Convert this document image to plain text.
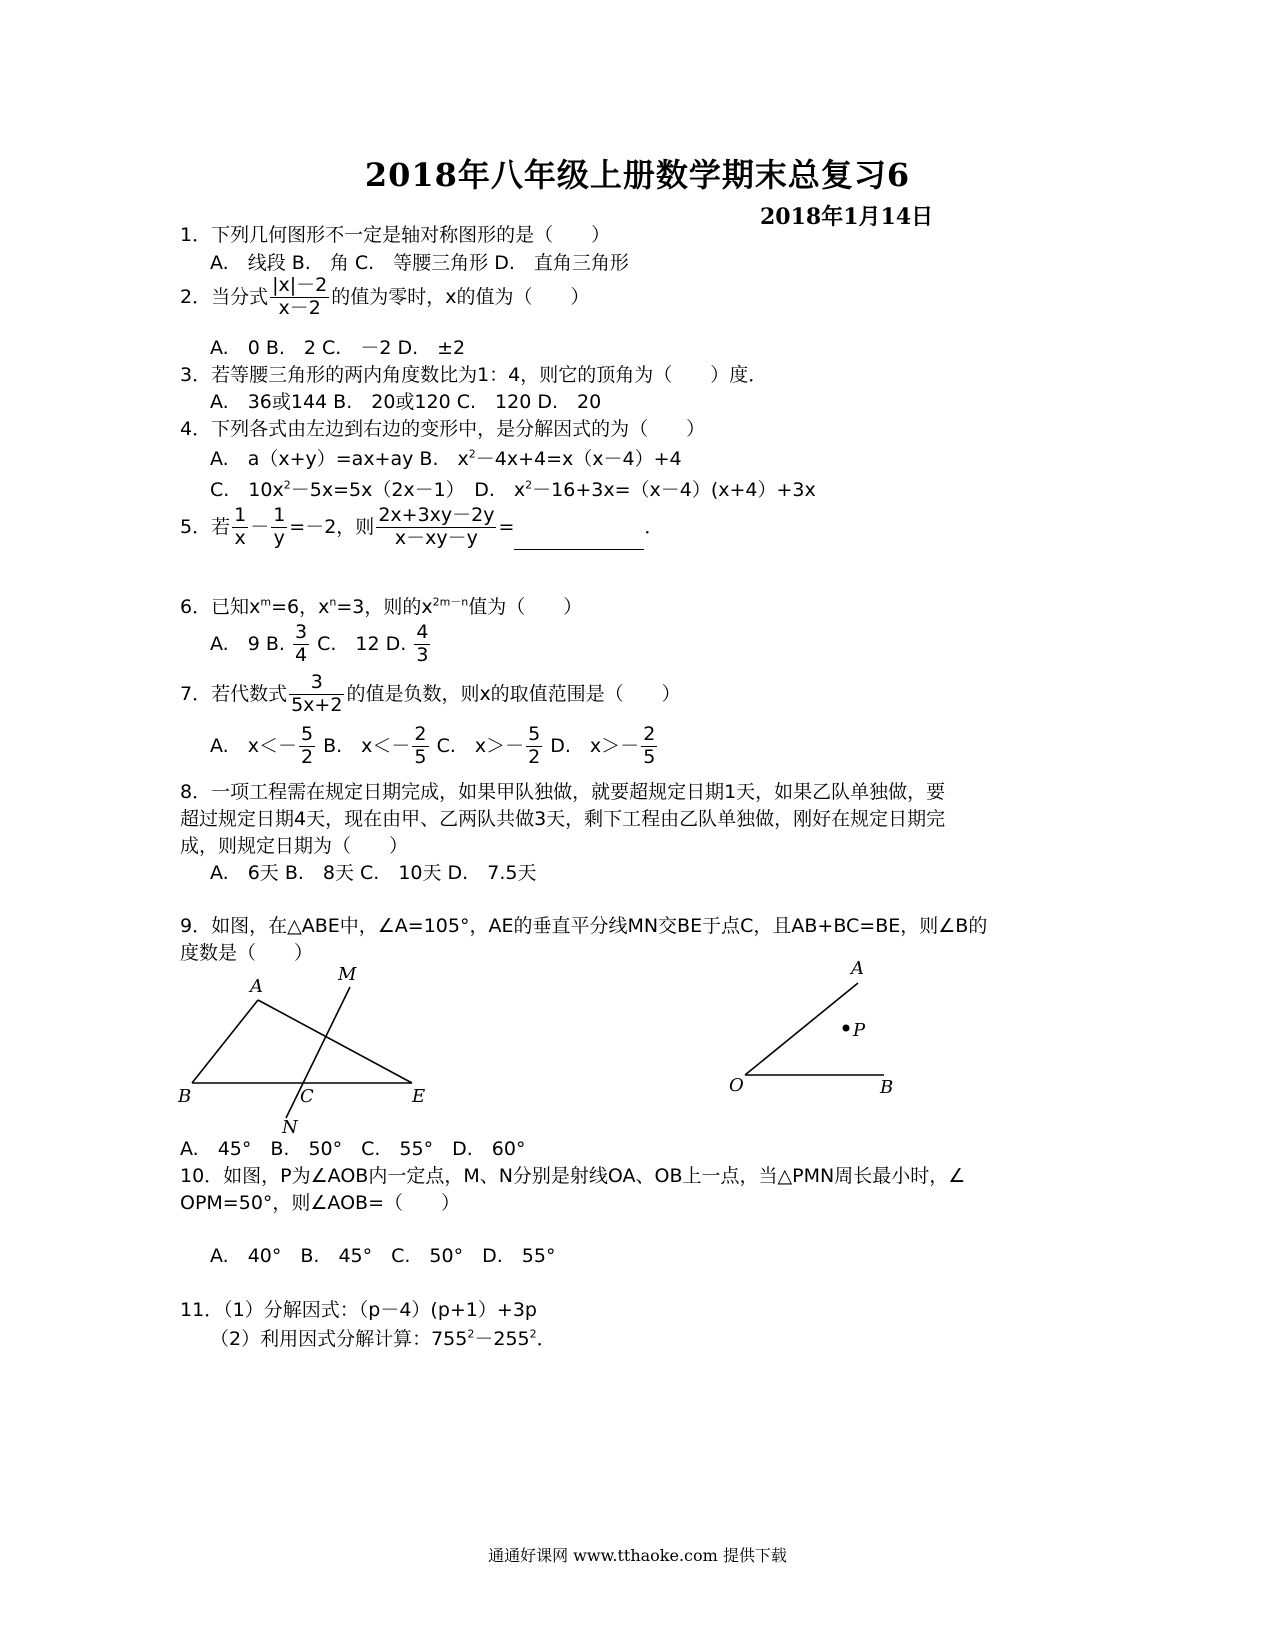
2018年八年级上册数学期末总复习6
2018年1月14日
1．下列几何图形不一定是轴对称图形的是（　　）
A.　线段 B.　角 C.　等腰三角形 D.　直角三角形
2．当分式 $\frac{|x|-2}{x-2}$ 的值为零时，x的值为（　　）
A.　0 B.　2 C.　－2 D.　±2
3．若等腰三角形的两内角度数比为1：4，则它的顶角为（　　）度．
A.　36或144 B.　20或120 C.　120 D.　20
4．下列各式由左边到右边的变形中，是分解因式的为（　　）
A.　a（x+y）=ax+ay B.　$x^2-4x+4=x(x-4)+4$
C.　$10x^2-5x=5x(2x-1)$　D.　$x^2-16+3x=(x-4)(x+4)+3x$
5．若 $\frac{1}{x} - \frac{1}{y} =-2$，则 $\frac{2x+3xy-2y}{x-xy-y}$ =	．
6．已知$x^m=6$，$x^n=3$，则的$x^{2m-n}$值为（　　）
A.　9 B. $\frac{3}{4} C$.　12 D. $\frac{4}{3}$
7．若代数式 $\frac{3}{5x+2}$ 的值是负数，则x的取值范围是（　　）
A.　$x<- \frac{5}{2} B$.　$x<- \frac{2}{5} C$.　$x>- \frac{5}{2} D$.　$x>- \frac{2}{5}$
8．一项工程需在规定日期完成，如果甲队独做，就要超规定日期1天，如果乙队单独做，要
超过规定日期4天，现在由甲、乙两队共做3天，剩下工程由乙队单独做，刚好在规定日期完
成，则规定日期为（　　）
A.　6天 B.　8天 C.　10天 D.　7.5天
9．如图，在△ABE中，∠A=105°，AE的垂直平分线MN交BE于点C，且AB+BC=BE，则∠B的
度数是（　　）
A
M
B	C	E
N
A
P
O	B
A.　45°　B.　50°　C.　55°　D.　60°
10．如图，P为∠AOB内一定点，M、N分别是射线OA、OB上一点，当△PMN周长最小时，∠
OPM=50°，则∠AOB=（　　）
A.　40°　B.　45°　C.　50°　D.　55°
11．（1）分解因式：（p－4）(p+1）+3p
（2）利用因式分解计算：$755^2-255^2$．
通通好课网 www.tthaoke.com 提供下载
